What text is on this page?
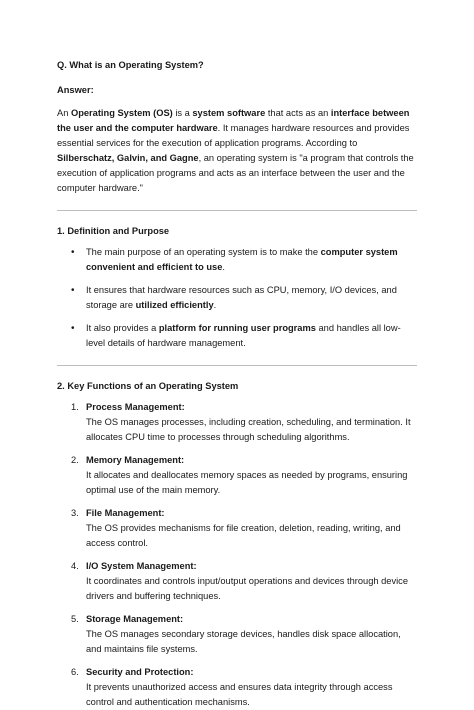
Q. What is an Operating System?

Answer:

An Operating System (OS) is a system software that acts as an interface between the user and the computer hardware. It manages hardware resources and provides essential services for the execution of application programs. According to Silberschatz, Galvin, and Gagne, an operating system is "a program that controls the execution of application programs and acts as an interface between the user and the computer hardware."

1. Definition and Purpose

• The main purpose of an operating system is to make the computer system convenient and efficient to use.
• It ensures that hardware resources such as CPU, memory, I/O devices, and storage are utilized efficiently.
• It also provides a platform for running user programs and handles all low-level details of hardware management.

2. Key Functions of an Operating System

1. Process Management:
The OS manages processes, including creation, scheduling, and termination. It allocates CPU time to processes through scheduling algorithms.
2. Memory Management:
It allocates and deallocates memory spaces as needed by programs, ensuring optimal use of the main memory.
3. File Management:
The OS provides mechanisms for file creation, deletion, reading, writing, and access control.
4. I/O System Management:
It coordinates and controls input/output operations and devices through device drivers and buffering techniques.
5. Storage Management:
The OS manages secondary storage devices, handles disk space allocation, and maintains file systems.
6. Security and Protection:
It prevents unauthorized access and ensures data integrity through access control and authentication mechanisms.
